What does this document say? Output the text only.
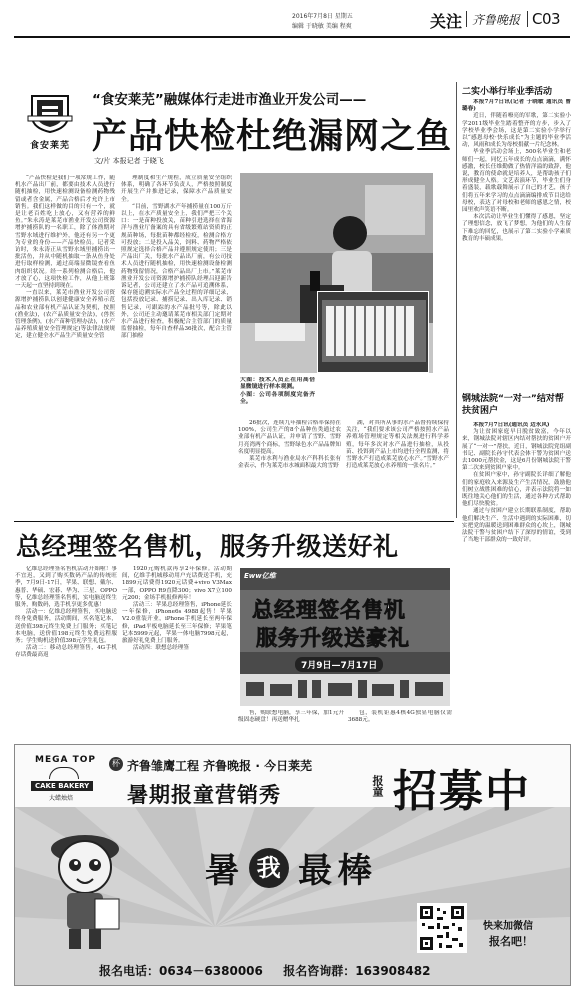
2016年7月8日 星期五
编辑 于晓敏 美编 程爽	关注 齐鲁晚报 C03
食安莱芜
“食安莱芜”融媒体行走进市渔业开发公司——
产品快检杜绝漏网之鱼
文/片 本报记者 于晓飞

“产品快检是我们一项常规工作，随机水产品出厂前，都要由技术人员进行随机抽检，用快速检测设备检测药物残留或者含金属，产品合格后才允许上市销售。我们这样做的目的只有一个，就是让老百姓吃上放心，又有营养的鲜鱼。”朱永涛是莱芜市渔业开发公司资源增护捕捞队的一名职工，除了体渔期对雪野水域进行维护外，他还有另一个更为专业的身份——产品快检员。记者采访时，朱永涛正从雪野水域里捕捞出一批活鱼，并从中随机抽取一条从鱼身处进行取样检测，通过高端显微镜查看鱼肉组织状况。经一系列检测合格后，他才放了心，这项快检工作，从他上班第一天起一直坚持到现在。

一直以来，莱芜市渔业开发公司资源增护捕捞队以创建健康安全养殖示范品和农业部有机产品认证为契机，按照(渔业法)，(农产品质量安全法)，(兽医管理条例)，(水产苗种管理办法)，(水产品养殖质量安全管理规定)等法律法规规定，建立健全水产品生产质量安全管

理制度和生产规程，成立质量安全组织体系，明确了各环节负责人，严格按照制度开展生产并推进记录，保障水产品质量安全。

“目前，雪野湖水产年捕捞量在100万斤以上，在水产质量安全上，我们严把三个关口：一是苗种投放关，苗种引进选择在省海洋与渔业厅备案的具有省级繁殖站资质的正规苗种场，每批苗种都经检疫，检测合格方可投放；二是投入品关，饲料、药物严格依照规定选择合格产品并遵照规定使用；三是产品出厂关，每批水产品出厂前，有公司技术人员进行随机抽检，用快速检测设备检测药物残留情况，合格产品出厂上市。”莱芜市渔业开发公司资源增护捕捞队经理吕迎新告诉记者，公司还建立了水产品可追溯体系，保存能追溯实际水产品全过程的详细记录，包括投放记录、捕捞记录、出入库记录、销售记录，可跟踪的水产品批号等，除此以外，公司还主动邀请莱芜市相关部门定期对水产品进行检查，积极配合主管部门的质量监督抽检，每年自查样品36批次，配合主管部门抽检

大图：技术人员正在用高倍显微镜进行样本观测。
小图：公司各项制度完备齐全。

26批次，连续九年抽检合格率保持在100%，公司生产的8个品种鱼类通过农业部有机产品认证，并申请了雪野、雪野月亮湾两个商标，雪野绿色水产品品牌知名度明显提高。

莱芜市水利与渔业局水产科科长张有金表示，作为莱芜市水城面积最大的雪野

湖，对其所从事的水产品督持续保持关注，“我们要求该公司严格按照水产品养殖场管理规定等相关法规进行科学养殖，每年多次对水产品进行抽检，从投苗、投饵到产品上市均进行全程监测，将雪野水产打造成莱芜放心水产。”雪野水产打造成莱芜放心水养殖的一张名片。”

二实小举行毕业季活动

本报7月7日讯(记者 于晓敏 通讯员 曹璐春)

近日，伴随着嘹亮的军歌，第二实验小学2011级毕业生踏着整齐的方步，步入了学校毕业季会场，这是第二实验小学举行以“感恩母校·快乐成长”为主题的毕业季活动，风雨和成长为母校捐献一片纪念林。

毕业季活动会场上，500名毕业生和老师们一起，同忆五年成长的点点滴滴，满怀感激，校长任维勤做了热情洋溢的致辞，他说，教育的使命就是培养人，是帮助孩子们形成健全人格。文艺表演环节，毕业生们身着盛装，载歌载舞展示了自己的才艺，孩子们将五年来学习的点点滴滴编排成节目送给母校，表达了对母校和老师的感恩之情，校园里欢声笑语不断。

本次活动让毕业生们懂得了感恩，坚定了理想信念，放飞了梦想，为他们的人生留下难忘的回忆，也展示了第二实验小学素质教育的丰硕成果。

钢城法院“一对一”结对帮扶贫困户

本报7月7日讯(通讯员 边永风)

为让贫困家庭早日脱贫致富，今年以来，钢城法院对辖区内结对帮扶的贫困户开展了“一对一”帮扶，近日，钢城法院党组副书记、副院长孙守代表会体干警为贫困户送去1000元帮扶金，这是6月份钢城法院干警第二次来到贫困户家中。

在贫困户家中，孙守副院长详细了解他们的家庭收入来源及生产生活情况，鼓励他们树立战胜困难的信心，并表示法院将一如既往地关心他们的生活，通过各种方式帮助他们尽快脱贫。

通过与贫困户建立长期联系制度，帮助他们解决生产、生活中遇到的实际困难，切实把党的温暖送到困难群众的心坎上，钢城法院干警与贫困户结下了深厚的情谊，受到了当地干部群众的一致好评。

总经理签名售机，服务升级送好礼

亿维总经理签名售机活动开始啦！事不宜迟，又到了购买数码产品的传统旺季，7月9日-17日，苹果、联想、戴尔、惠普、华硕、宏碁、华为、三星、OPPO等，亿维总经理签名售机，实电脑送终生服务，购数码，选手机享更多优惠！

活动一：亿维总经理签售，买电脑送终身免费服务，活动期间，买名笔记本，送价值398元终生免费上门服务；买笔记本电脑，送价值198元终生免费远程服务；学生购机送价值398元学生礼包。

活动二：移动总经理签售，4G手机存话费最高返

1920元购机款再享2年保修。活动期间，亿维手机城移动用户充话费送手机，充1899元话费得1920元话费+vivo V3Max一部，OPPO R9直降300；vivo X7立100元200；金场手机报修两年！

活动三：苹果总经理签售，iPhone延长一年保修，iPhone6s 4988起售！苹果 V2.0重装开业，iPhone手机延长至两年保修，iPad平板电脑延长至三年保修；苹果笔记本5999元起，苹果一体电脑7998元起，旅游好礼免费上门服务。

活动四：联想总经理签

Eww亿维
总经理签名售机
服务升级送豪礼
7月9日—7月17日

售，购联想电脑，享三年保，加1元升级固态硬盘！再送赠华扎

包，装机钜惠4核4G独显电脑仅需3688元。

MEGA TOP
CAKE BAKERY
大蜡烛焙
杯 齐鲁雏鹰工程 齐鲁晚报 · 今日莱芜
暑期报童营销秀	报童 招募中
暑 我 最 棒
快来加微信
报名吧！
报名电话：0634－6380006 报名咨询群：163908482
